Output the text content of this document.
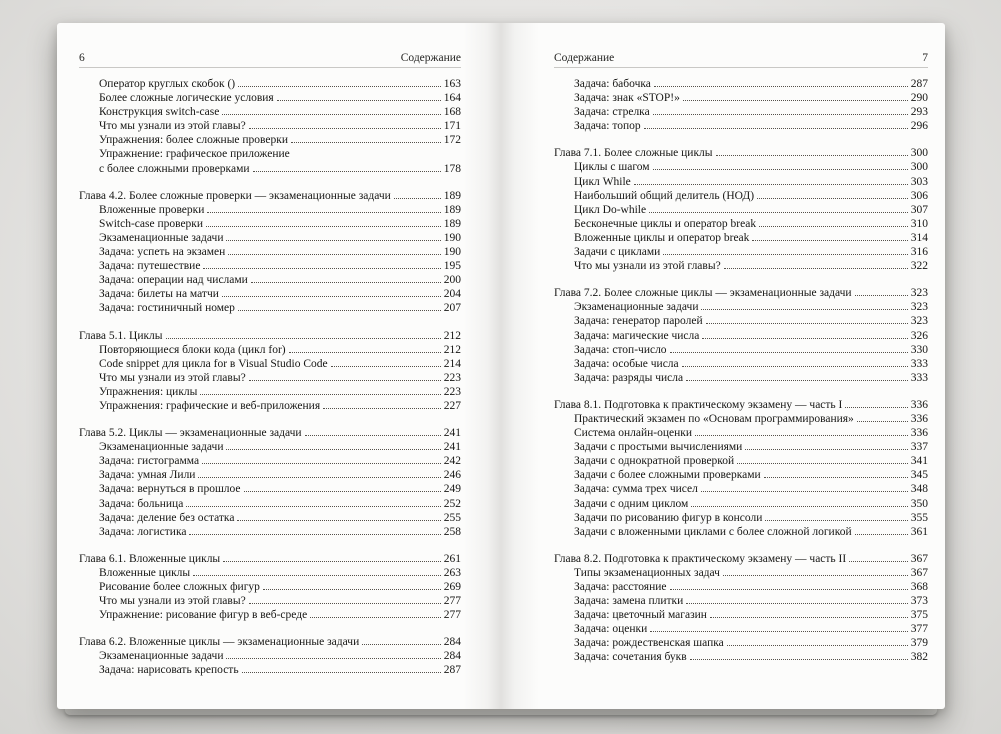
6	Содержание
Оператор круглых скобок ()	163
Более сложные логические условия	164
Конструкция switch-case	168
Что мы узнали из этой главы?	171
Упражнения: более сложные проверки	172
Упражнение: графическое приложение
с более сложными проверками	178
Глава 4.2. Более сложные проверки — экзаменационные задачи	189
Вложенные проверки	189
Switch-case проверки	189
Экзаменационные задачи	190
Задача: успеть на экзамен	190
Задача: путешествие	195
Задача: операции над числами	200
Задача: билеты на матчи	204
Задача: гостиничный номер	207
Глава 5.1. Циклы	212
Повторяющиеся блоки кода (цикл for)	212
Code snippet для цикла for в Visual Studio Code	214
Что мы узнали из этой главы?	223
Упражнения: циклы	223
Упражнения: графические и веб-приложения	227
Глава 5.2. Циклы — экзаменационные задачи	241
Экзаменационные задачи	241
Задача: гистограмма	242
Задача: умная Лили	246
Задача: вернуться в прошлое	249
Задача: больница	252
Задача: деление без остатка	255
Задача: логистика	258
Глава 6.1. Вложенные циклы	261
Вложенные циклы	263
Рисование более сложных фигур	269
Что мы узнали из этой главы?	277
Упражнение: рисование фигур в веб-среде	277
Глава 6.2. Вложенные циклы — экзаменационные задачи	284
Экзаменационные задачи	284
Задача: нарисовать крепость	287
Содержание	7
Задача: бабочка	287
Задача: знак «STOP!»	290
Задача: стрелка	293
Задача: топор	296
Глава 7.1. Более сложные циклы	300
Циклы с шагом	300
Цикл While	303
Наибольший общий делитель (НОД)	306
Цикл Do-while	307
Бесконечные циклы и оператор break	310
Вложенные циклы и оператор break	314
Задачи с циклами	316
Что мы узнали из этой главы?	322
Глава 7.2. Более сложные циклы — экзаменационные задачи	323
Экзаменационные задачи	323
Задача: генератор паролей	323
Задача: магические числа	326
Задача: стоп-число	330
Задача: особые числа	333
Задача: разряды числа	333
Глава 8.1. Подготовка к практическому экзамену — часть I	336
Практический экзамен по «Основам программирования»	336
Система онлайн-оценки	336
Задачи с простыми вычислениями	337
Задачи с однократной проверкой	341
Задачи с более сложными проверками	345
Задача: сумма трех чисел	348
Задачи с одним циклом	350
Задачи по рисованию фигур в консоли	355
Задачи с вложенными циклами с более сложной логикой	361
Глава 8.2. Подготовка к практическому экзамену — часть II	367
Типы экзаменационных задач	367
Задача: расстояние	368
Задача: замена плитки	373
Задача: цветочный магазин	375
Задача: оценки	377
Задача: рождественская шапка	379
Задача: сочетания букв	382
